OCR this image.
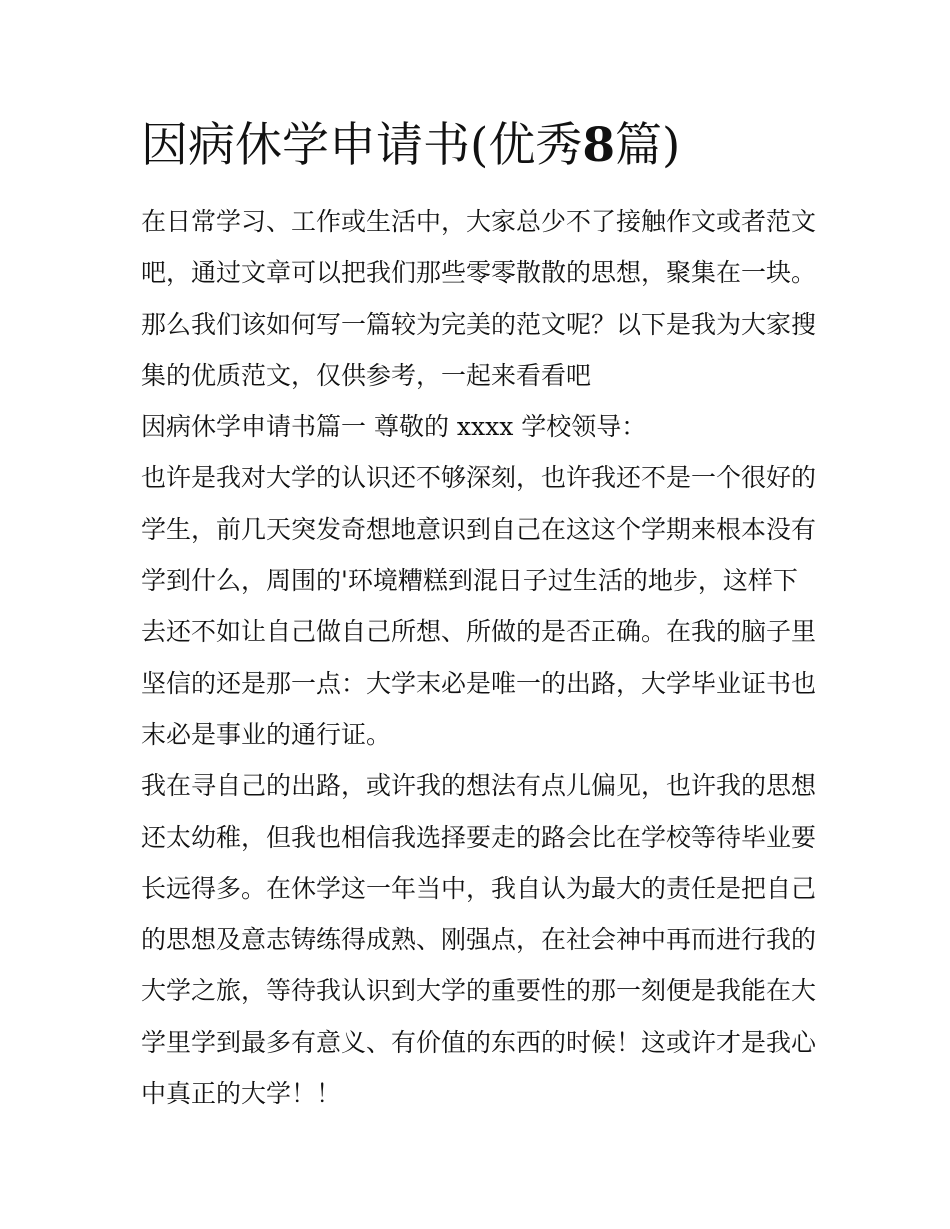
因病休学申请书(优秀8篇)
在日常学习、工作或生活中，大家总少不了接触作文或者范文
吧，通过文章可以把我们那些零零散散的思想，聚集在一块。
那么我们该如何写一篇较为完美的范文呢？以下是我为大家搜
集的优质范文，仅供参考，一起来看看吧
因病休学申请书篇一 尊敬的 xxxx 学校领导：
也许是我对大学的认识还不够深刻，也许我还不是一个很好的
学生，前几天突发奇想地意识到自己在这这个学期来根本没有
学到什么，周围的'环境糟糕到混日子过生活的地步，这样下
去还不如让自己做自己所想、所做的是否正确。在我的脑子里
坚信的还是那一点：大学末必是唯一的出路，大学毕业证书也
末必是事业的通行证。
我在寻自己的出路，或许我的想法有点儿偏见，也许我的思想
还太幼稚，但我也相信我选择要走的路会比在学校等待毕业要
长远得多。在休学这一年当中，我自认为最大的责任是把自己
的思想及意志铸练得成熟、刚强点，在社会神中再而进行我的
大学之旅，等待我认识到大学的重要性的那一刻便是我能在大
学里学到最多有意义、有价值的东西的时候！这或许才是我心
中真正的大学！！
